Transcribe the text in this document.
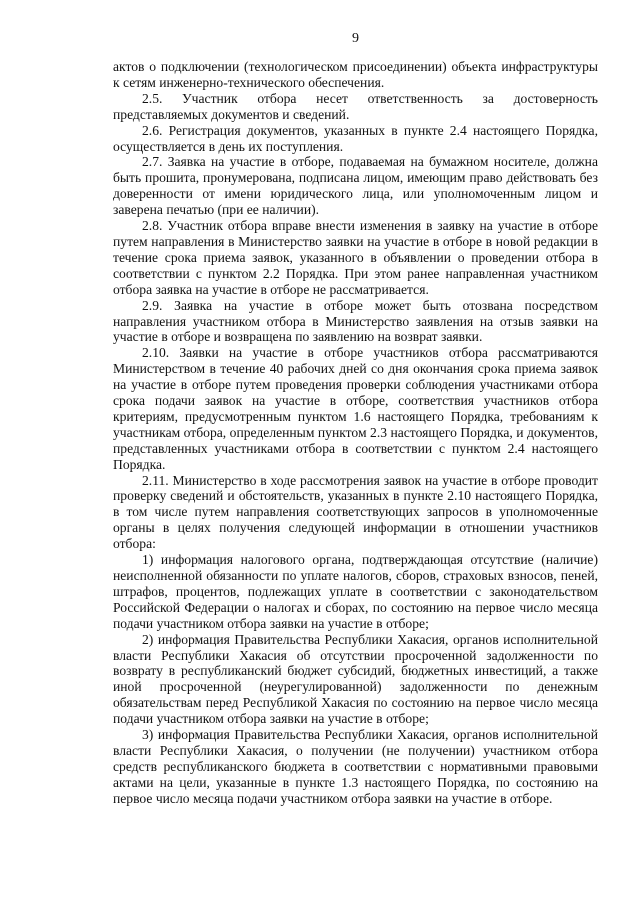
9

актов о подключении (технологическом присоединении) объекта инфраструктуры к сетям инженерно-технического обеспечения.

2.5. Участник отбора несет ответственность за достоверность представляемых документов и сведений.

2.6. Регистрация документов, указанных в пункте 2.4 настоящего Порядка, осуществляется в день их поступления.

2.7. Заявка на участие в отборе, подаваемая на бумажном носителе, должна быть прошита, пронумерована, подписана лицом, имеющим право действовать без доверенности от имени юридического лица, или уполномоченным лицом и заверена печатью (при ее наличии).

2.8. Участник отбора вправе внести изменения в заявку на участие в отборе путем направления в Министерство заявки на участие в отборе в новой редакции в течение срока приема заявок, указанного в объявлении о проведении отбора в соответствии с пунктом 2.2 Порядка. При этом ранее направленная участником отбора заявка на участие в отборе не рассматривается.

2.9. Заявка на участие в отборе может быть отозвана посредством направления участником отбора в Министерство заявления на отзыв заявки на участие в отборе и возвращена по заявлению на возврат заявки.

2.10. Заявки на участие в отборе участников отбора рассматриваются Министерством в течение 40 рабочих дней со дня окончания срока приема заявок на участие в отборе путем проведения проверки соблюдения участниками отбора срока подачи заявок на участие в отборе, соответствия участников отбора критериям, предусмотренным пунктом 1.6 настоящего Порядка, требованиям к участникам отбора, определенным пунктом 2.3 настоящего Порядка, и документов, представленных участниками отбора в соответствии с пунктом 2.4 настоящего Порядка.

2.11. Министерство в ходе рассмотрения заявок на участие в отборе проводит проверку сведений и обстоятельств, указанных в пункте 2.10 настоящего Порядка, в том числе путем направления соответствующих запросов в уполномоченные органы в целях получения следующей информации в отношении участников отбора:

1) информация налогового органа, подтверждающая отсутствие (наличие) неисполненной обязанности по уплате налогов, сборов, страховых взносов, пеней, штрафов, процентов, подлежащих уплате в соответствии с законодательством Российской Федерации о налогах и сборах, по состоянию на первое число месяца подачи участником отбора заявки на участие в отборе;

2) информация Правительства Республики Хакасия, органов исполнительной власти Республики Хакасия об отсутствии просроченной задолженности по возврату в республиканский бюджет субсидий, бюджетных инвестиций, а также иной просроченной (неурегулированной) задолженности по денежным обязательствам перед Республикой Хакасия по состоянию на первое число месяца подачи участником отбора заявки на участие в отборе;

3) информация Правительства Республики Хакасия, органов исполнительной власти Республики Хакасия, о получении (не получении) участником отбора средств республиканского бюджета в соответствии с нормативными правовыми актами на цели, указанные в пункте 1.3 настоящего Порядка, по состоянию на первое число месяца подачи участником отбора заявки на участие в отборе.
